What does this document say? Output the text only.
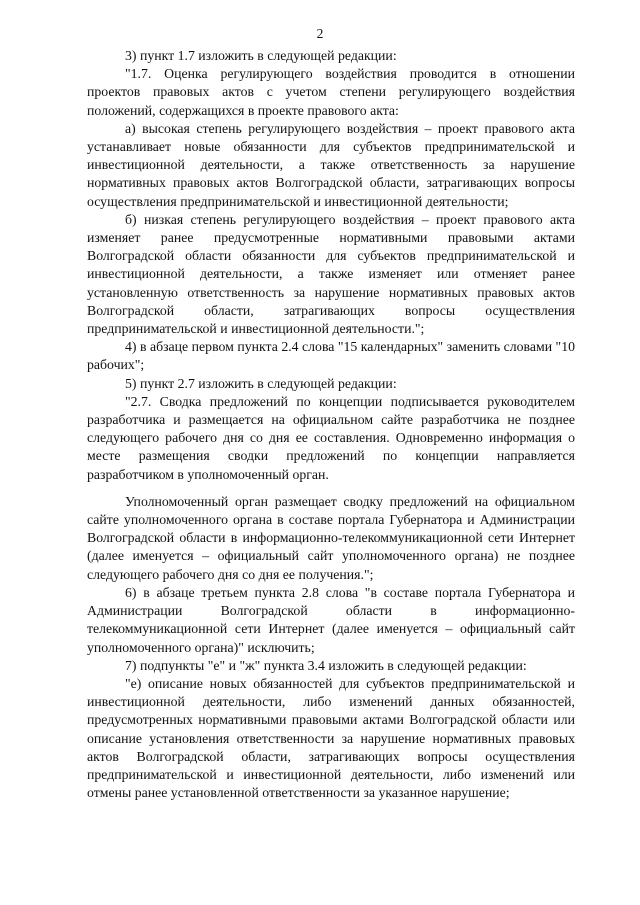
2

3) пункт 1.7 изложить в следующей редакции:

"1.7. Оценка регулирующего воздействия проводится в отношении проектов правовых актов с учетом степени регулирующего воздействия положений, содержащихся в проекте правового акта:

а) высокая степень регулирующего воздействия – проект правового акта устанавливает новые обязанности для субъектов предпринимательской и инвестиционной деятельности, а также ответственность за нарушение нормативных правовых актов Волгоградской области, затрагивающих вопросы осуществления предпринимательской и инвестиционной деятельности;

б) низкая степень регулирующего воздействия – проект правового акта изменяет ранее предусмотренные нормативными правовыми актами Волгоградской области обязанности для субъектов предпринимательской и инвестиционной деятельности, а также изменяет или отменяет ранее установленную ответственность за нарушение нормативных правовых актов Волгоградской области, затрагивающих вопросы осуществления предпринимательской и инвестиционной деятельности.";

4) в абзаце первом пункта 2.4 слова "15 календарных" заменить словами "10 рабочих";

5) пункт 2.7 изложить в следующей редакции:

"2.7. Сводка предложений по концепции подписывается руководителем разработчика и размещается на официальном сайте разработчика не позднее следующего рабочего дня со дня ее составления. Одновременно информация о месте размещения сводки предложений по концепции направляется разработчиком в уполномоченный орган.

Уполномоченный орган размещает сводку предложений на официальном сайте уполномоченного органа в составе портала Губернатора и Администрации Волгоградской области в информационно-телекоммуникационной сети Интернет (далее именуется – официальный сайт уполномоченного органа) не позднее следующего рабочего дня со дня ее получения.";

6) в абзаце третьем пункта 2.8 слова "в составе портала Губернатора и Администрации Волгоградской области в информационно-телекоммуникационной сети Интернет (далее именуется – официальный сайт уполномоченного органа)" исключить;

7) подпункты "е" и "ж" пункта 3.4 изложить в следующей редакции:

"е) описание новых обязанностей для субъектов предпринимательской и инвестиционной деятельности, либо изменений данных обязанностей, предусмотренных нормативными правовыми актами Волгоградской области или описание установления ответственности за нарушение нормативных правовых актов Волгоградской области, затрагивающих вопросы осуществления предпринимательской и инвестиционной деятельности, либо изменений или отмены ранее установленной ответственности за указанное нарушение;
